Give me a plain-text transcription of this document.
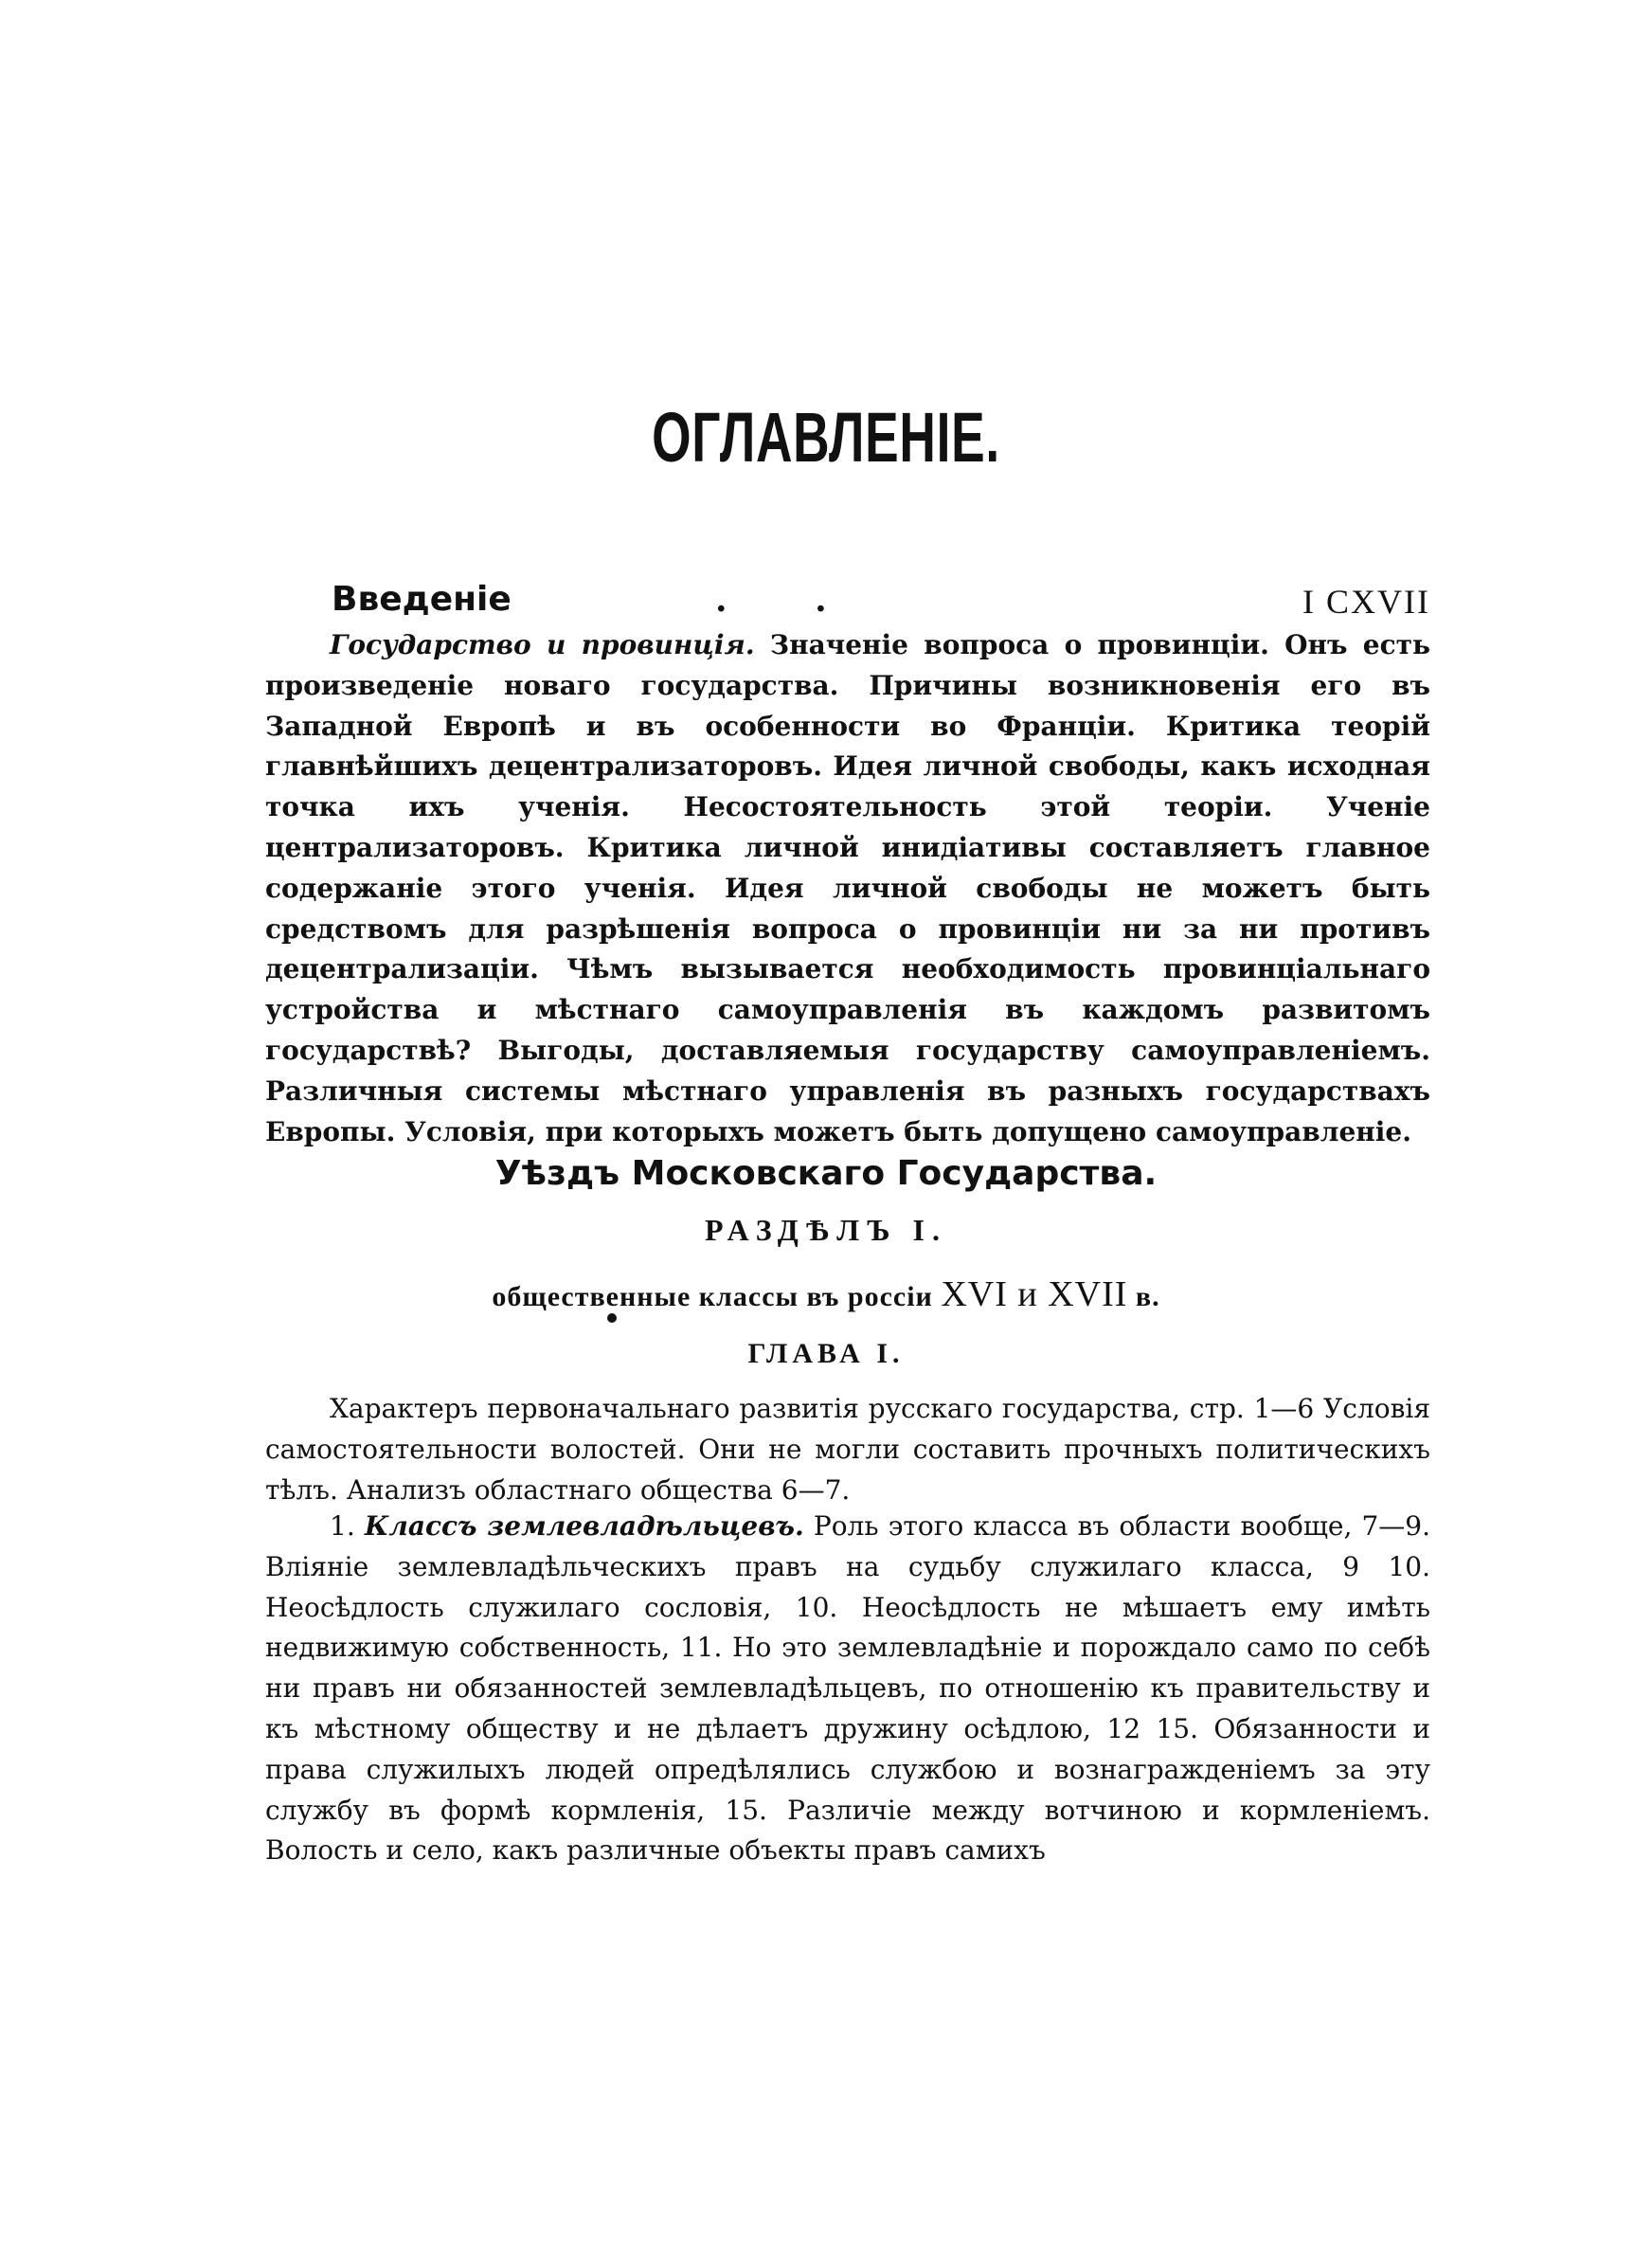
ОГЛАВЛЕНІЕ.
Введеніе	. .	I CXVII
Государство и провинція. Значеніе вопроса о провинціи. Онъ есть произведеніе новаго государства. Причины возникновенія его въ Западной Европѣ и въ особенности во Франціи. Критика теорій главнѣйшихъ децентрализаторовъ. Идея личной свободы, какъ исходная точка ихъ ученія. Несостоятельность этой теоріи. Ученіе централизаторовъ. Критика личной инидіативы составляетъ главное содержаніе этого ученія. Идея личной свободы не можетъ быть средствомъ для разрѣшенія вопроса о провинціи ни за ни противъ децентрализаціи. Чѣмъ вызывается необходимость провинціальнаго устройства и мѣстнаго самоуправленія въ каждомъ развитомъ государствѣ? Выгоды, доставляемыя государству самоуправленіемъ. Различныя системы мѣстнаго управленія въ разныхъ государствахъ Европы. Условія, при которыхъ можетъ быть допущено самоуправленіе.
Уѣздъ Московскаго Государства.
РАЗДѢЛЪ I.
общественные классы въ россіи XVI и XVII в.
ГЛАВА I.
Характеръ первоначальнаго развитія русскаго государства, стр. 1—6 Условія самостоятельности волостей. Они не могли составить прочныхъ политическихъ тѣлъ. Анализъ областнаго общества 6—7.
1. Классъ землевладѣльцевъ. Роль этого класса въ области вообще, 7—9. Вліяніе землевладѣльческихъ правъ на судьбу служилаго класса, 9 10. Неосѣдлость служилаго сословія, 10. Неосѣдлость не мѣшаетъ ему имѣть недвижимую собственность, 11. Но это землевладѣніе и порождало само по себѣ ни правъ ни обязанностей землевладѣльцевъ, по отношенію къ правительству и къ мѣстному обществу и не дѣлаетъ дружину осѣдлою, 12 15. Обязанности и права служилыхъ людей опредѣлялись службою и вознагражденіемъ за эту службу въ формѣ кормленія, 15. Различіе между вотчиною и кормленіемъ. Волость и село, какъ различные объекты правъ самихъ
